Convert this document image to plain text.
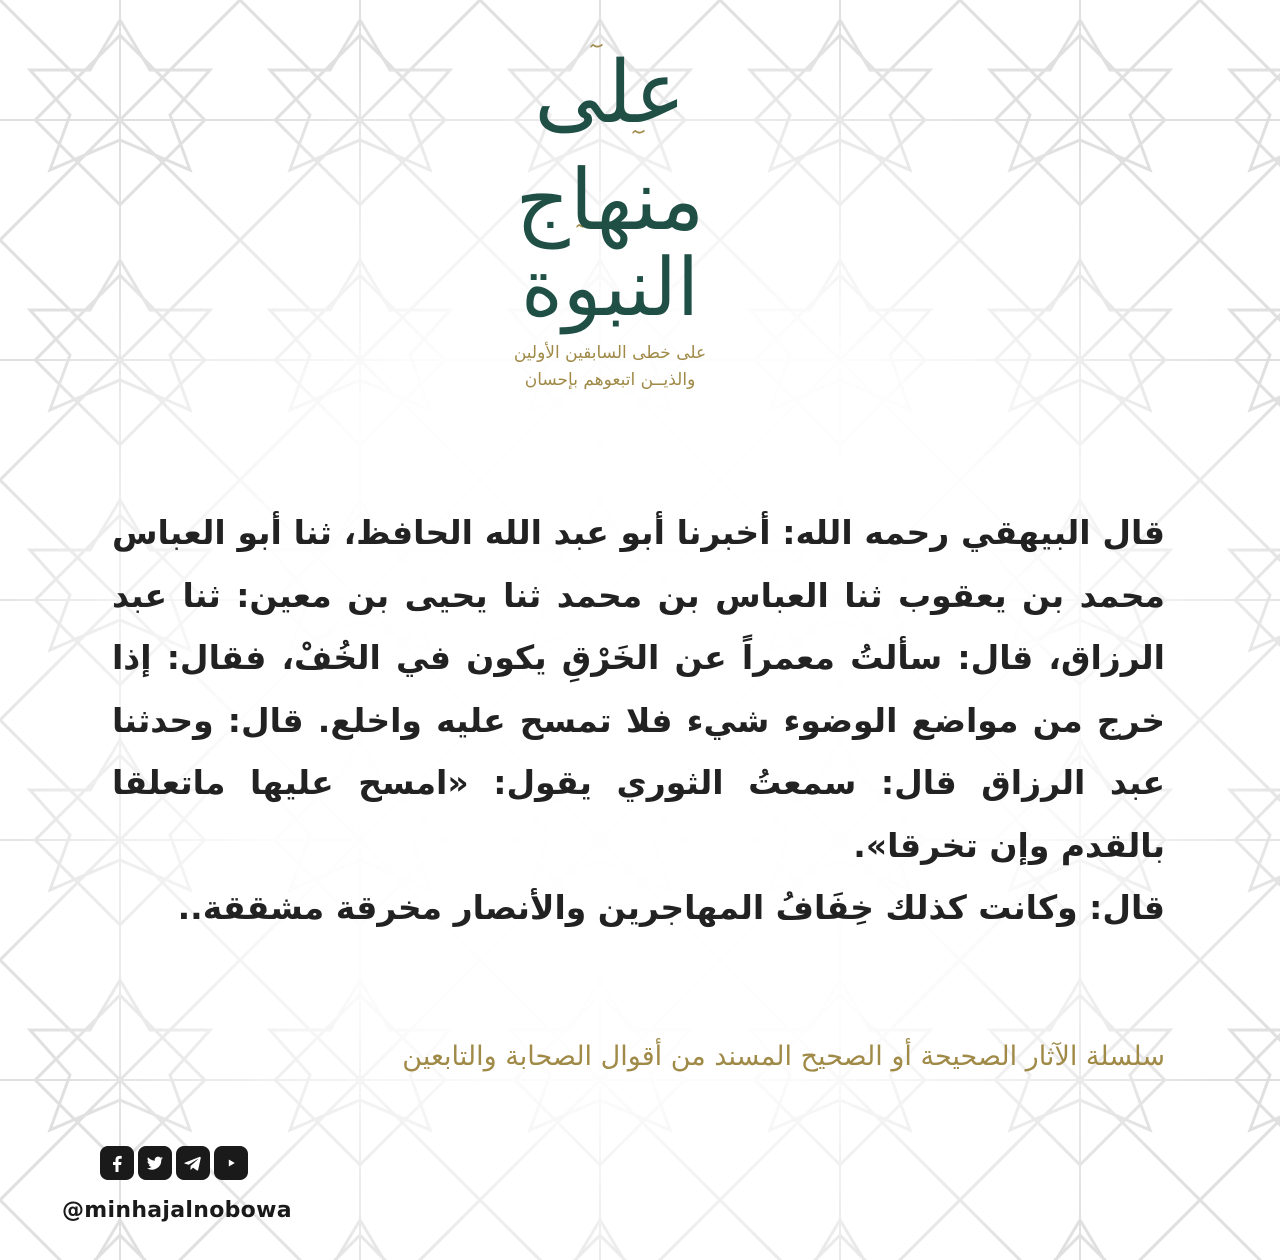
على
منهاج
النبوة
على خطى السابقين الأولين
والذيــن اتبعوهم بإحسان

قال البيهقي رحمه الله: أخبرنا أبو عبد الله الحافظ، ثنا أبو العباس محمد بن يعقوب ثنا العباس بن محمد ثنا يحيى بن معين: ثنا عبد الرزاق، قال: سألتُ معمراً عن الخَرْقِ يكون في الخُفْ، فقال: إذا خرج من مواضع الوضوء شيء فلا تمسح عليه واخلع. قال: وحدثنا عبد الرزاق قال: سمعتُ الثوري يقول: «امسح عليها ماتعلقا بالقدم وإن تخرقا».

قال: وكانت كذلك خِفَافُ المهاجرين والأنصار مخرقة مشققة..

سلسلة الآثار الصحيحة أو الصحيح المسند من أقوال الصحابة والتابعين
@minhajalnobowa
